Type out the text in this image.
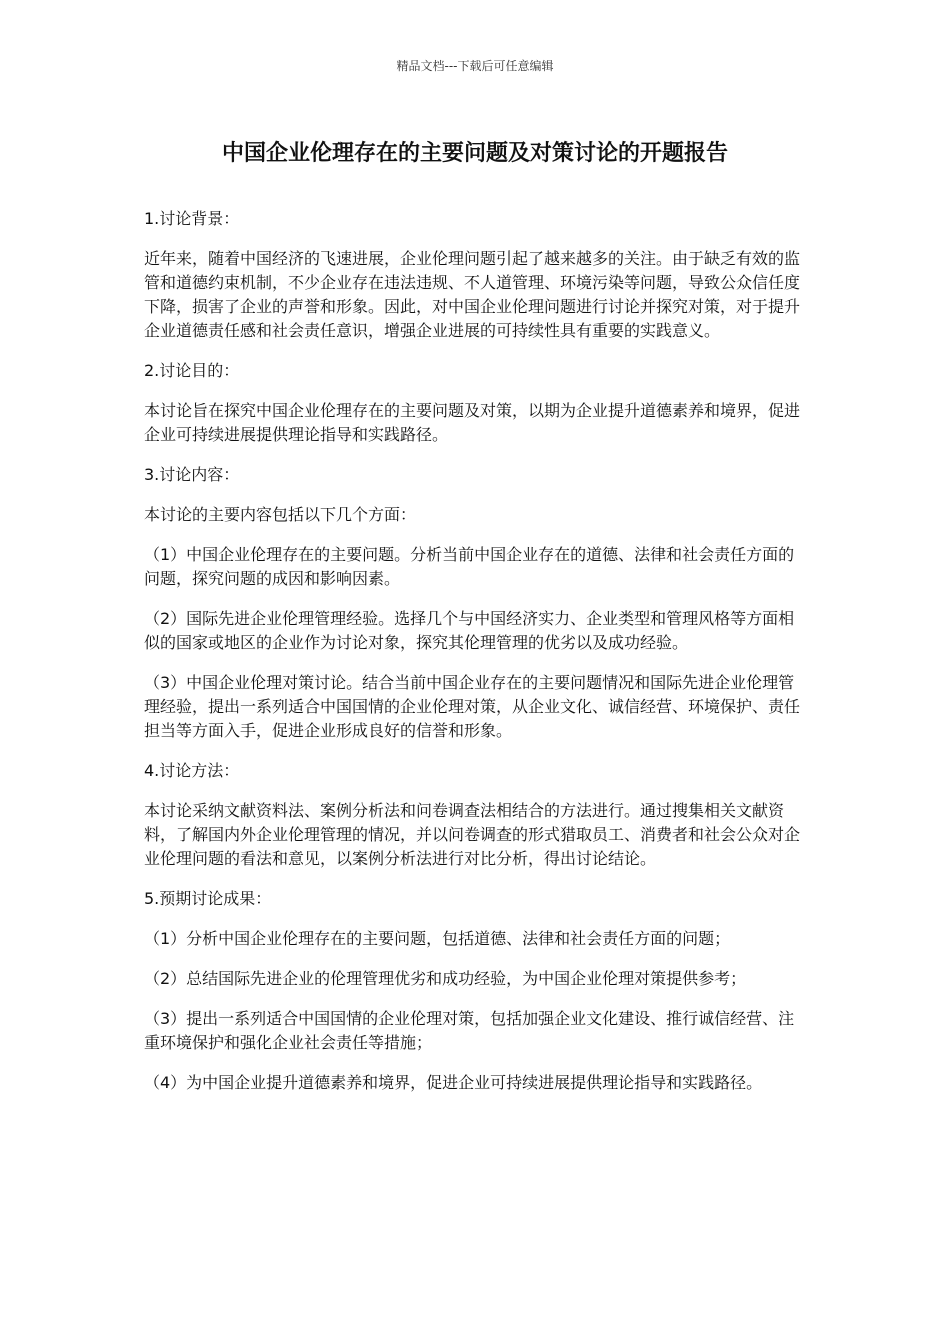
精品文档---下载后可任意编辑
中国企业伦理存在的主要问题及对策讨论的开题报告

1.讨论背景：

近年来，随着中国经济的飞速进展，企业伦理问题引起了越来越多的关注。由于缺乏有效的监管和道德约束机制，不少企业存在违法违规、不人道管理、环境污染等问题，导致公众信任度下降，损害了企业的声誉和形象。因此，对中国企业伦理问题进行讨论并探究对策，对于提升企业道德责任感和社会责任意识，增强企业进展的可持续性具有重要的实践意义。

2.讨论目的：

本讨论旨在探究中国企业伦理存在的主要问题及对策，以期为企业提升道德素养和境界，促进企业可持续进展提供理论指导和实践路径。

3.讨论内容：

本讨论的主要内容包括以下几个方面：

（1）中国企业伦理存在的主要问题。分析当前中国企业存在的道德、法律和社会责任方面的问题，探究问题的成因和影响因素。

（2）国际先进企业伦理管理经验。选择几个与中国经济实力、企业类型和管理风格等方面相似的国家或地区的企业作为讨论对象，探究其伦理管理的优劣以及成功经验。

（3）中国企业伦理对策讨论。结合当前中国企业存在的主要问题情况和国际先进企业伦理管理经验，提出一系列适合中国国情的企业伦理对策，从企业文化、诚信经营、环境保护、责任担当等方面入手，促进企业形成良好的信誉和形象。

4.讨论方法：

本讨论采纳文献资料法、案例分析法和问卷调查法相结合的方法进行。通过搜集相关文献资料，了解国内外企业伦理管理的情况，并以问卷调查的形式猎取员工、消费者和社会公众对企业伦理问题的看法和意见，以案例分析法进行对比分析，得出讨论结论。

5.预期讨论成果：

（1）分析中国企业伦理存在的主要问题，包括道德、法律和社会责任方面的问题；

（2）总结国际先进企业的伦理管理优劣和成功经验，为中国企业伦理对策提供参考；

（3）提出一系列适合中国国情的企业伦理对策，包括加强企业文化建设、推行诚信经营、注重环境保护和强化企业社会责任等措施；

（4）为中国企业提升道德素养和境界，促进企业可持续进展提供理论指导和实践路径。
